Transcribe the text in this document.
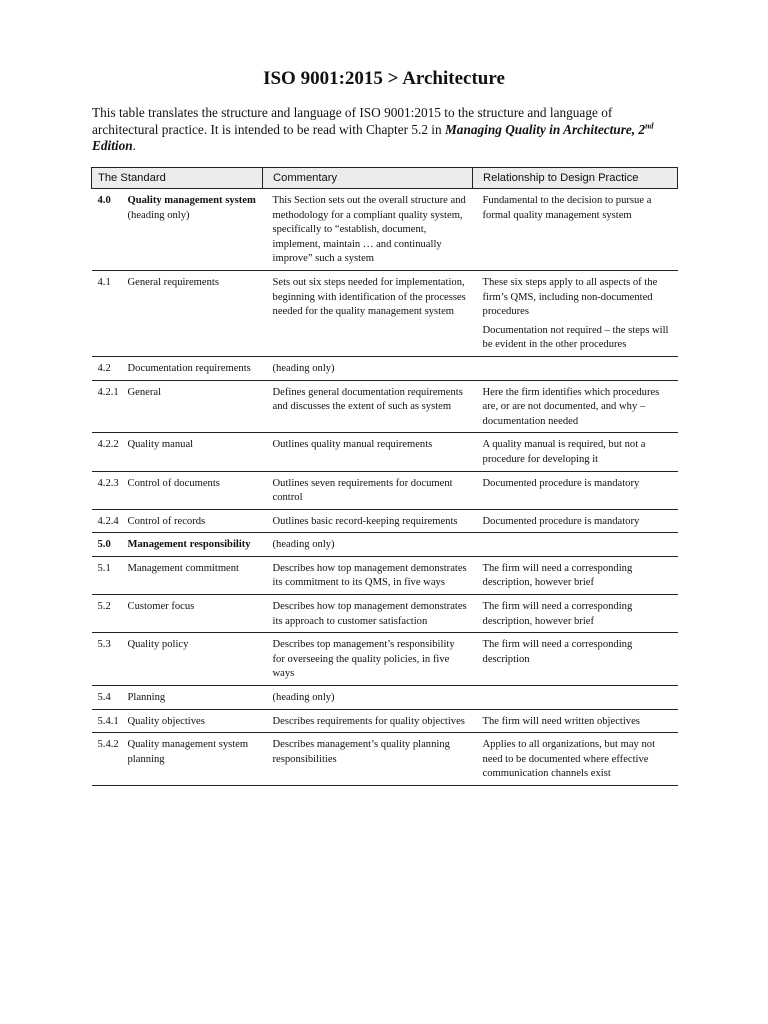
ISO 9001:2015 > Architecture

This table translates the structure and language of ISO 9001:2015 to the structure and language of architectural practice. It is intended to be read with Chapter 5.2 in Managing Quality in Architecture, 2nd Edition.

The Standard		Commentary	Relationship to Design Practice
4.0	Quality management system (heading only)	This Section sets out the overall structure and methodology for a compliant quality system, specifically to “establish, document, implement, maintain … and continually improve” such a system	Fundamental to the decision to pursue a formal quality management system

4.1	General requirements	Sets out six steps needed for implementation, beginning with identification of the processes needed for the quality management system	These six steps apply to all aspects of the firm’s QMS, including non-documented procedures

Documentation not required – the steps will be evident in the other procedures

4.2	Documentation requirements	(heading only)	
4.2.1	General	Defines general documentation requirements and discusses the extent of such as system	Here the firm identifies which procedures are, or are not documented, and why – documentation needed

4.2.2	Quality manual	Outlines quality manual requirements	A quality manual is required, but not a procedure for developing it

4.2.3	Control of documents	Outlines seven requirements for document control	Documented procedure is mandatory

4.2.4	Control of records	Outlines basic record-keeping requirements	Documented procedure is mandatory

5.0	Management responsibility	(heading only)	
5.1	Management commitment	Describes how top management demonstrates its commitment to its QMS, in five ways	The firm will need a corresponding description, however brief

5.2	Customer focus	Describes how top management demonstrates its approach to customer satisfaction	The firm will need a corresponding description, however brief

5.3	Quality policy	Describes top management’s responsibility for overseeing the quality policies, in five ways	The firm will need a corresponding description

5.4	Planning	(heading only)	
5.4.1	Quality objectives	Describes requirements for quality objectives	The firm will need written objectives

5.4.2	Quality management system planning	Describes management’s quality planning responsibilities	Applies to all organizations, but may not need to be documented where effective communication channels exist
